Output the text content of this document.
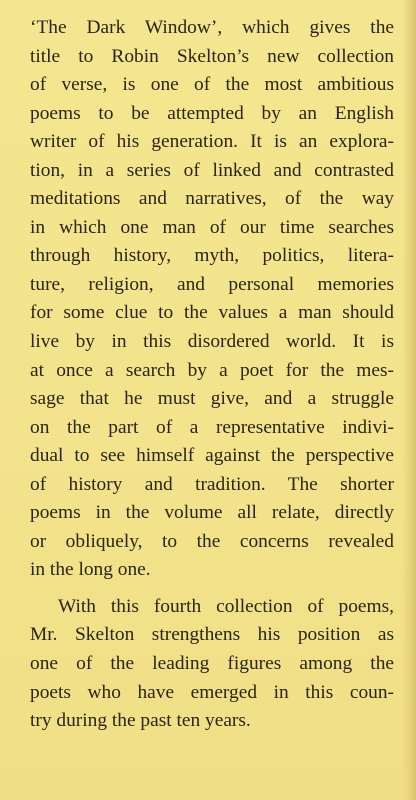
‘The Dark Window’, which gives the
title to Robin Skelton’s new collection
of verse, is one of the most ambitious
poems to be attempted by an English
writer of his generation. It is an explora-
tion, in a series of linked and contrasted
meditations and narratives, of the way
in which one man of our time searches
through history, myth, politics, litera-
ture, religion, and personal memories
for some clue to the values a man should
live by in this disordered world. It is
at once a search by a poet for the mes-
sage that he must give, and a struggle
on the part of a representative indivi-
dual to see himself against the perspective
of history and tradition. The shorter
poems in the volume all relate, directly
or obliquely, to the concerns revealed
in the long one.
With this fourth collection of poems,
Mr. Skelton strengthens his position as
one of the leading figures among the
poets who have emerged in this coun-
try during the past ten years.
